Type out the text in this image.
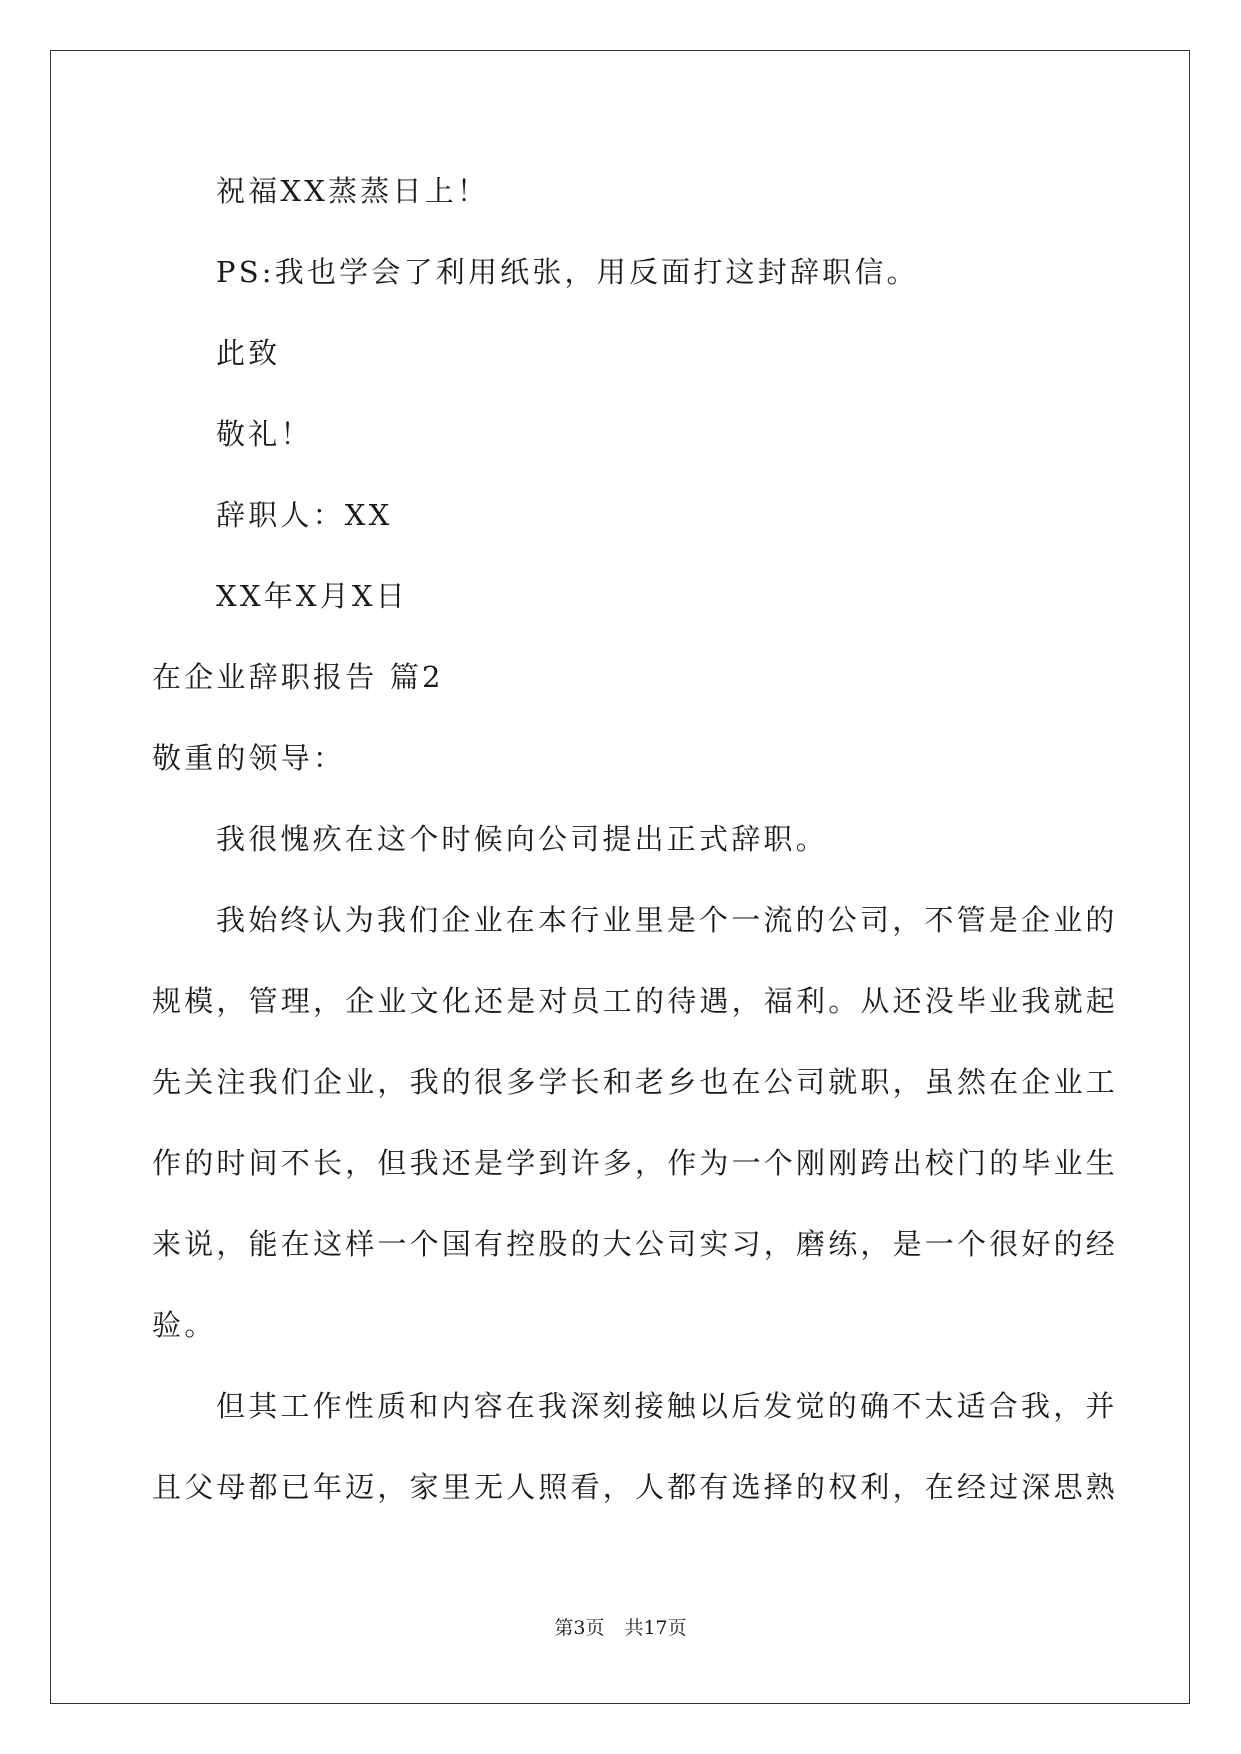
祝福XX蒸蒸日上！
PS:我也学会了利用纸张，用反面打这封辞职信。
此致
敬礼！
辞职人：XX
XX年X月X日
在企业辞职报告 篇2
敬重的领导：
我很愧疚在这个时候向公司提出正式辞职。
我始终认为我们企业在本行业里是个一流的公司，不管是企业的
规模，管理，企业文化还是对员工的待遇，福利。从还没毕业我就起
先关注我们企业，我的很多学长和老乡也在公司就职，虽然在企业工
作的时间不长，但我还是学到许多，作为一个刚刚跨出校门的毕业生
来说，能在这样一个国有控股的大公司实习，磨练，是一个很好的经
验。
但其工作性质和内容在我深刻接触以后发觉的确不太适合我，并
且父母都已年迈，家里无人照看，人都有选择的权利，在经过深思熟
第3页 共17页
